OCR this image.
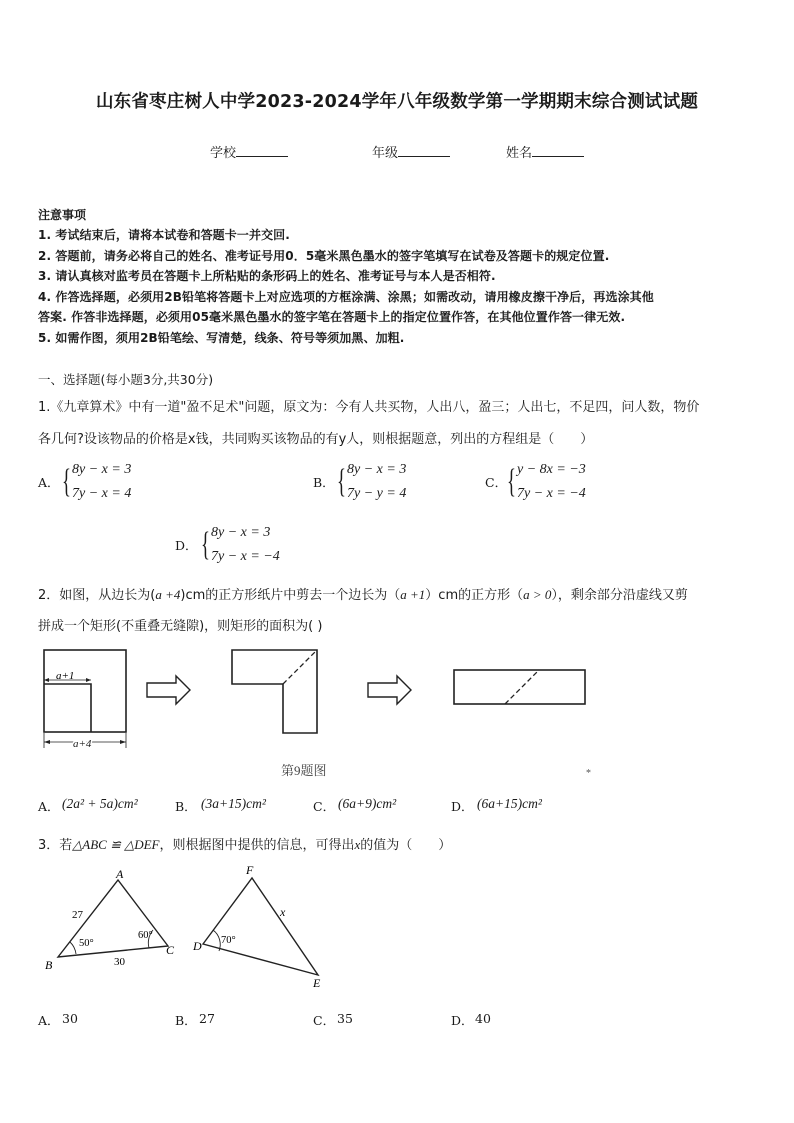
山东省枣庄树人中学2023-2024学年八年级数学第一学期期末综合测试试题
学校	年级	姓名
注意事项
1. 考试结束后，请将本试卷和答题卡一并交回.
2. 答题前，请务必将自己的姓名、准考证号用0．5毫米黑色墨水的签字笔填写在试卷及答题卡的规定位置.
3. 请认真核对监考员在答题卡上所粘贴的条形码上的姓名、准考证号与本人是否相符.
4. 作答选择题，必须用2B铅笔将答题卡上对应选项的方框涂满、涂黑；如需改动，请用橡皮擦干净后，再选涂其他
答案. 作答非选择题，必须用05毫米黑色墨水的签字笔在答题卡上的指定位置作答，在其他位置作答一律无效.
5. 如需作图，须用2B铅笔绘、写清楚，线条、符号等须加黑、加粗.
一、选择题(每小题3分,共30分)
1.《九章算术》中有一道"盈不足术"问题，原文为：今有人共买物，人出八，盈三；人出七，不足四，问人数，物价
各几何?设该物品的价格是x钱，共同购买该物品的有y人，则根据题意，列出的方程组是（　　）
A． { 8y − x = 3
7y − x = 4
B． { 8y − x = 3
7y − y = 4
C． { y − 8x = −3
7y − x = −4
D． { 8y − x = 3
7y − x = −4
2．如图，从边长为(a +4)cm的正方形纸片中剪去一个边长为（a +1）cm的正方形（a > 0），剩余部分沿虚线又剪
拼成一个矩形(不重叠无缝隙)，则矩形的面积为( )
a+1
a+4
第9题图	*
A． (2a² + 5a)cm²	B． (3a+15)cm²	C． (6a+9)cm²	D． (6a+15)cm²
3．若△ABC ≌ △DEF，则根据图中提供的信息，可得出x的值为（　　）
A
B
C
27
30
50°
60°
F
D
E
x
70°
A． 30	B． 27	C． 35	D． 40
